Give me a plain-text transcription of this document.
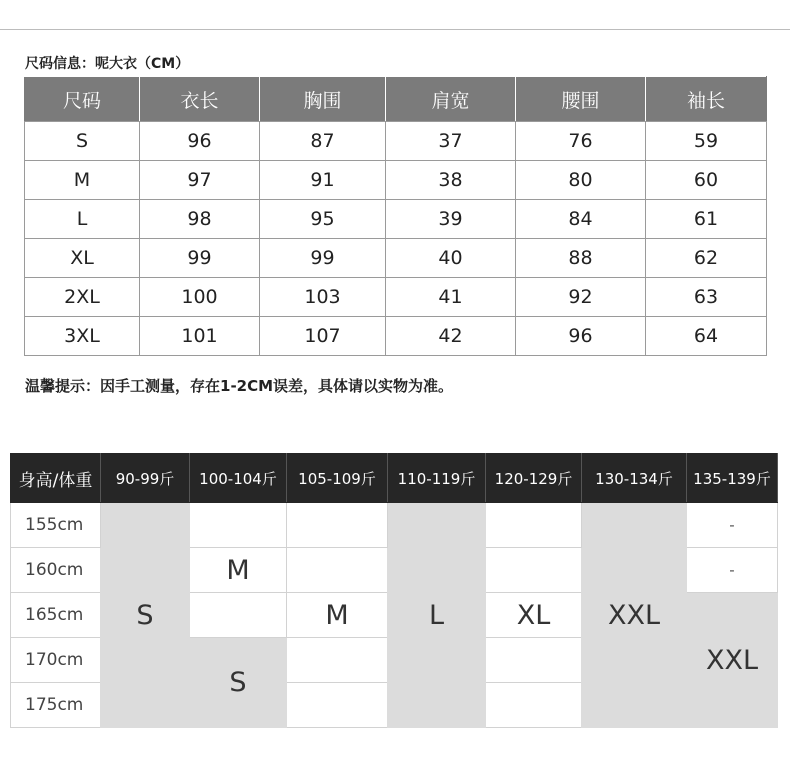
尺码信息：呢大衣（CM）
尺码	衣长	胸围	肩宽	腰围	袖长
S	96	87	37	76	59
M	97	91	38	80	60
L	98	95	39	84	61
XL	99	99	40	88	62
2XL	100	103	41	92	63
3XL	101	107	42	96	64
温馨提示：因手工测量，存在1-2CM误差，具体请以实物为准。
身高/体重	90-99斤	100-104斤	105-109斤	110-119斤	120-129斤	130-134斤	135-139斤
155cm	S			L		XXL	-
160cm		M					-
165cm			M		XL		XXL
170cm		S					
175cm							
